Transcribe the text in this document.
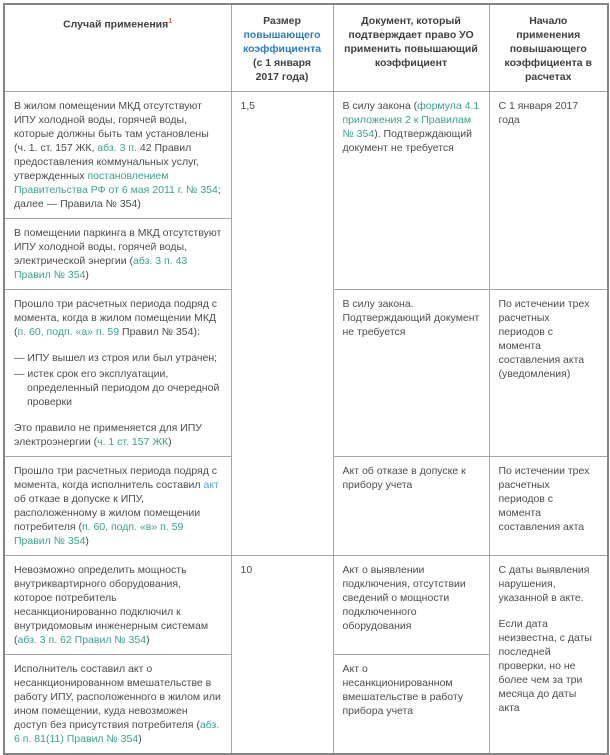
Случай применения$^1$	Размер повышающего коэффициента (с 1 января 2017 года)	Документ, который подтверждает право УО применить повышающий коэффициент	Начало применения повышающего коэффициента в расчетах

В жилом помещении МКД отсутствуют ИПУ холодной воды, горячей воды, которые должны быть там установлены (ч. 1. ст. 157 ЖК, абз. 3 п. 42 Правил предоставления коммунальных услуг, утвержденных постановлением Правительства РФ от 6 мая 2011 г. № 354; далее — Правила № 354)	1,5	В силу закона (формула 4.1 приложения 2 к Правилам № 354). Подтверждающий документ не требуется	С 1 января 2017 года

В помещении паркинга в МКД отсутствуют ИПУ холодной воды, горячей воды, электрической энергии (абз. 3 п. 43 Правил № 354)			

Прошло три расчетных периода подряд с момента, когда в жилом помещении МКД (п. 60, подп. «а» п. 59 Правил № 354):
— ИПУ вышел из строя или был утрачен;
— истек срок его эксплуатации, определенный периодом до очередной проверки
Это правило не применяется для ИПУ электроэнергии (ч. 1 ст. 157 ЖК)		В силу закона. Подтверждающий документ не требуется	По истечении трех расчетных периодов с момента составления акта (уведомления)

Прошло три расчетных периода подряд с момента, когда исполнитель составил акт об отказе в допуске к ИПУ, расположенному в жилом помещении потребителя (п. 60, подп. «в» п. 59 Правил № 354)		Акт об отказе в допуске к прибору учета	По истечении трех расчетных периодов с момента составления акта

Невозможно определить мощность внутриквартирного оборудования, которое потребитель несанкционированно подключил к внутридомовым инженерным системам (абз. 3 п. 62 Правил № 354)	10	Акт о выявлении подключения, отсутствии сведений о мощности подключенного оборудования	С даты выявления нарушения, указанной в акте.
Если дата неизвестна, с даты последней проверки, но не более чем за три месяца до даты акта

Исполнитель составил акт о несанкционированном вмешательстве в работу ИПУ, расположенного в жилом или ином помещении, куда невозможен доступ без присутствия потребителя (абз. 6 п. 81(11) Правил № 354)		Акт о несанкционированном вмешательстве в работу прибора учета	
